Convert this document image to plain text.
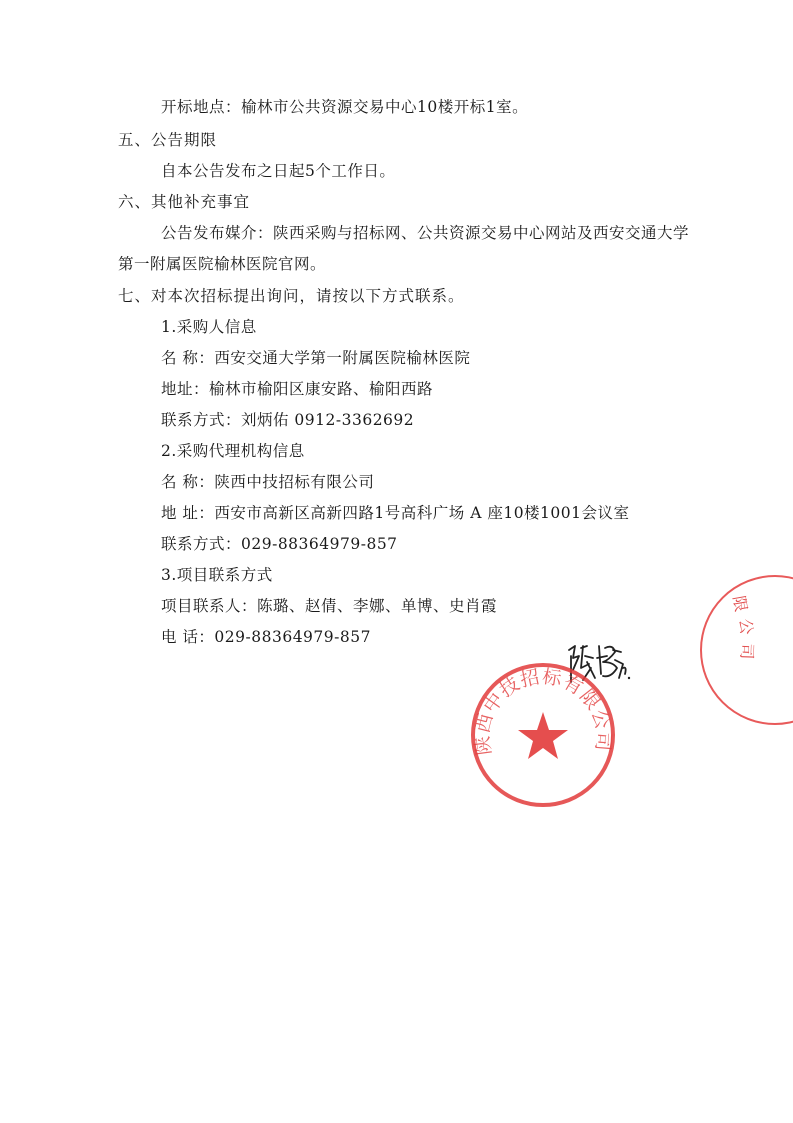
开标地点：榆林市公共资源交易中心10楼开标1室。
五、公告期限
自本公告发布之日起5个工作日。
六、其他补充事宜
公告发布媒介：陕西采购与招标网、公共资源交易中心网站及西安交通大学
第一附属医院榆林医院官网。
七、对本次招标提出询问，请按以下方式联系。
1.采购人信息
名 称：西安交通大学第一附属医院榆林医院
地址：榆林市榆阳区康安路、榆阳西路
联系方式：刘炳佑 0912-3362692
2.采购代理机构信息
名 称：陕西中技招标有限公司
地 址：西安市高新区高新四路1号高科广场 A 座10楼1001会议室
联系方式：029-88364979-857
3.项目联系方式
项目联系人：陈璐、赵倩、李娜、单博、史肖霞
电 话：029-88364979-857
限
公
司
陕西中技招标有限公司
